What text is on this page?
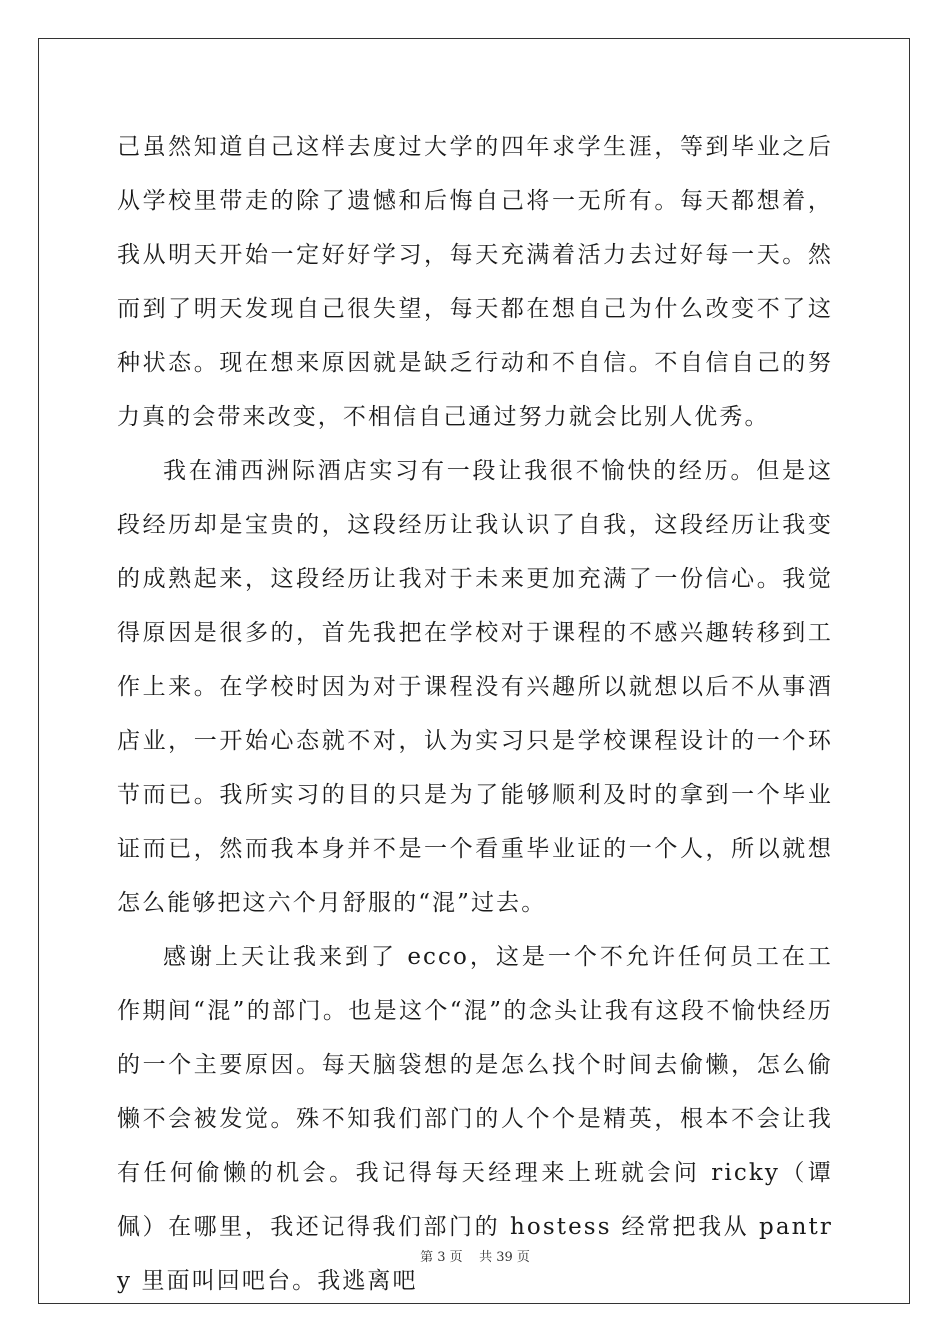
己虽然知道自己这样去度过大学的四年求学生涯，等到毕业之后从学校里带走的除了遗憾和后悔自己将一无所有。每天都想着，我从明天开始一定好好学习，每天充满着活力去过好每一天。然而到了明天发现自己很失望，每天都在想自己为什么改变不了这种状态。现在想来原因就是缺乏行动和不自信。不自信自己的努力真的会带来改变，不相信自己通过努力就会比别人优秀。

我在浦西洲际酒店实习有一段让我很不愉快的经历。但是这段经历却是宝贵的，这段经历让我认识了自我，这段经历让我变的成熟起来，这段经历让我对于未来更加充满了一份信心。我觉得原因是很多的，首先我把在学校对于课程的不感兴趣转移到工作上来。在学校时因为对于课程没有兴趣所以就想以后不从事酒店业，一开始心态就不对，认为实习只是学校课程设计的一个环节而已。我所实习的目的只是为了能够顺利及时的拿到一个毕业证而已，然而我本身并不是一个看重毕业证的一个人，所以就想怎么能够把这六个月舒服的“混”过去。

感谢上天让我来到了 ecco，这是一个不允许任何员工在工作期间“混”的部门。也是这个“混”的念头让我有这段不愉快经历的一个主要原因。每天脑袋想的是怎么找个时间去偷懒，怎么偷懒不会被发觉。殊不知我们部门的人个个是精英，根本不会让我有任何偷懒的机会。我记得每天经理来上班就会问 ricky（谭佩）在哪里，我还记得我们部门的 hostess 经常把我从 pantry 里面叫回吧台。我逃离吧

第 3 页    共 39 页
